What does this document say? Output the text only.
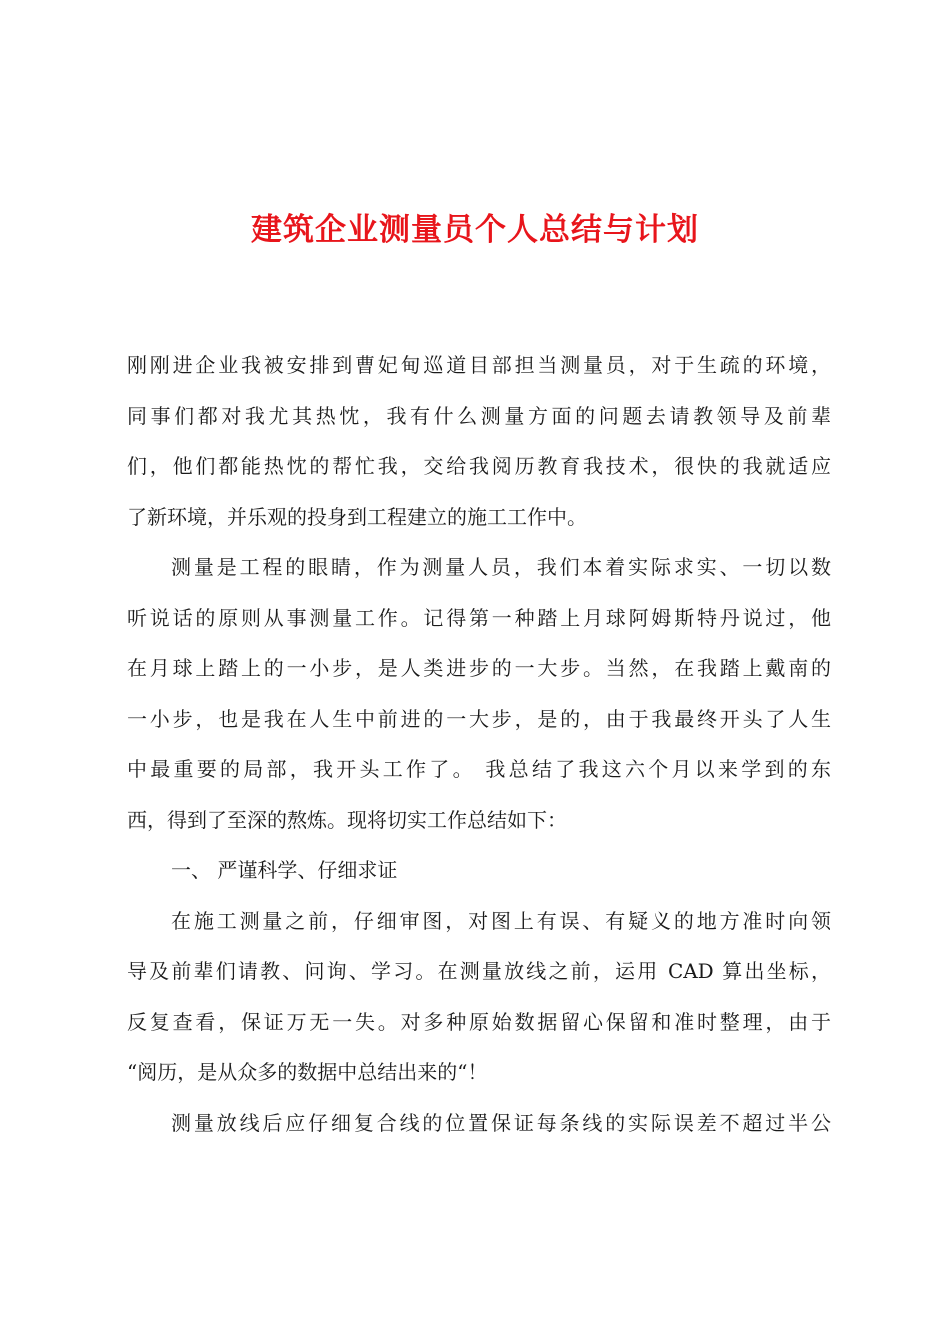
建筑企业测量员个人总结与计划
刚刚进企业我被安排到曹妃甸巡道目部担当测量员，对于生疏的环境，
同事们都对我尤其热忱，我有什么测量方面的问题去请教领导及前辈
们，他们都能热忱的帮忙我，交给我阅历教育我技术，很快的我就适应
了新环境，并乐观的投身到工程建立的施工工作中。
测量是工程的眼睛，作为测量人员，我们本着实际求实、一切以数
听说话的原则从事测量工作。记得第一种踏上月球阿姆斯特丹说过，他
在月球上踏上的一小步，是人类进步的一大步。当然，在我踏上戴南的
一小步，也是我在人生中前进的一大步，是的，由于我最终开头了人生
中最重要的局部，我开头工作了。 我总结了我这六个月以来学到的东
西，得到了至深的熬炼。现将切实工作总结如下：
一、 严谨科学、仔细求证
在施工测量之前，仔细审图，对图上有误、有疑义的地方准时向领
导及前辈们请教、问询、学习。在测量放线之前，运用 CAD 算出坐标，
反复查看，保证万无一失。对多种原始数据留心保留和准时整理，由于
“阅历，是从众多的数据中总结出来的“！
测量放线后应仔细复合线的位置保证每条线的实际误差不超过半公
